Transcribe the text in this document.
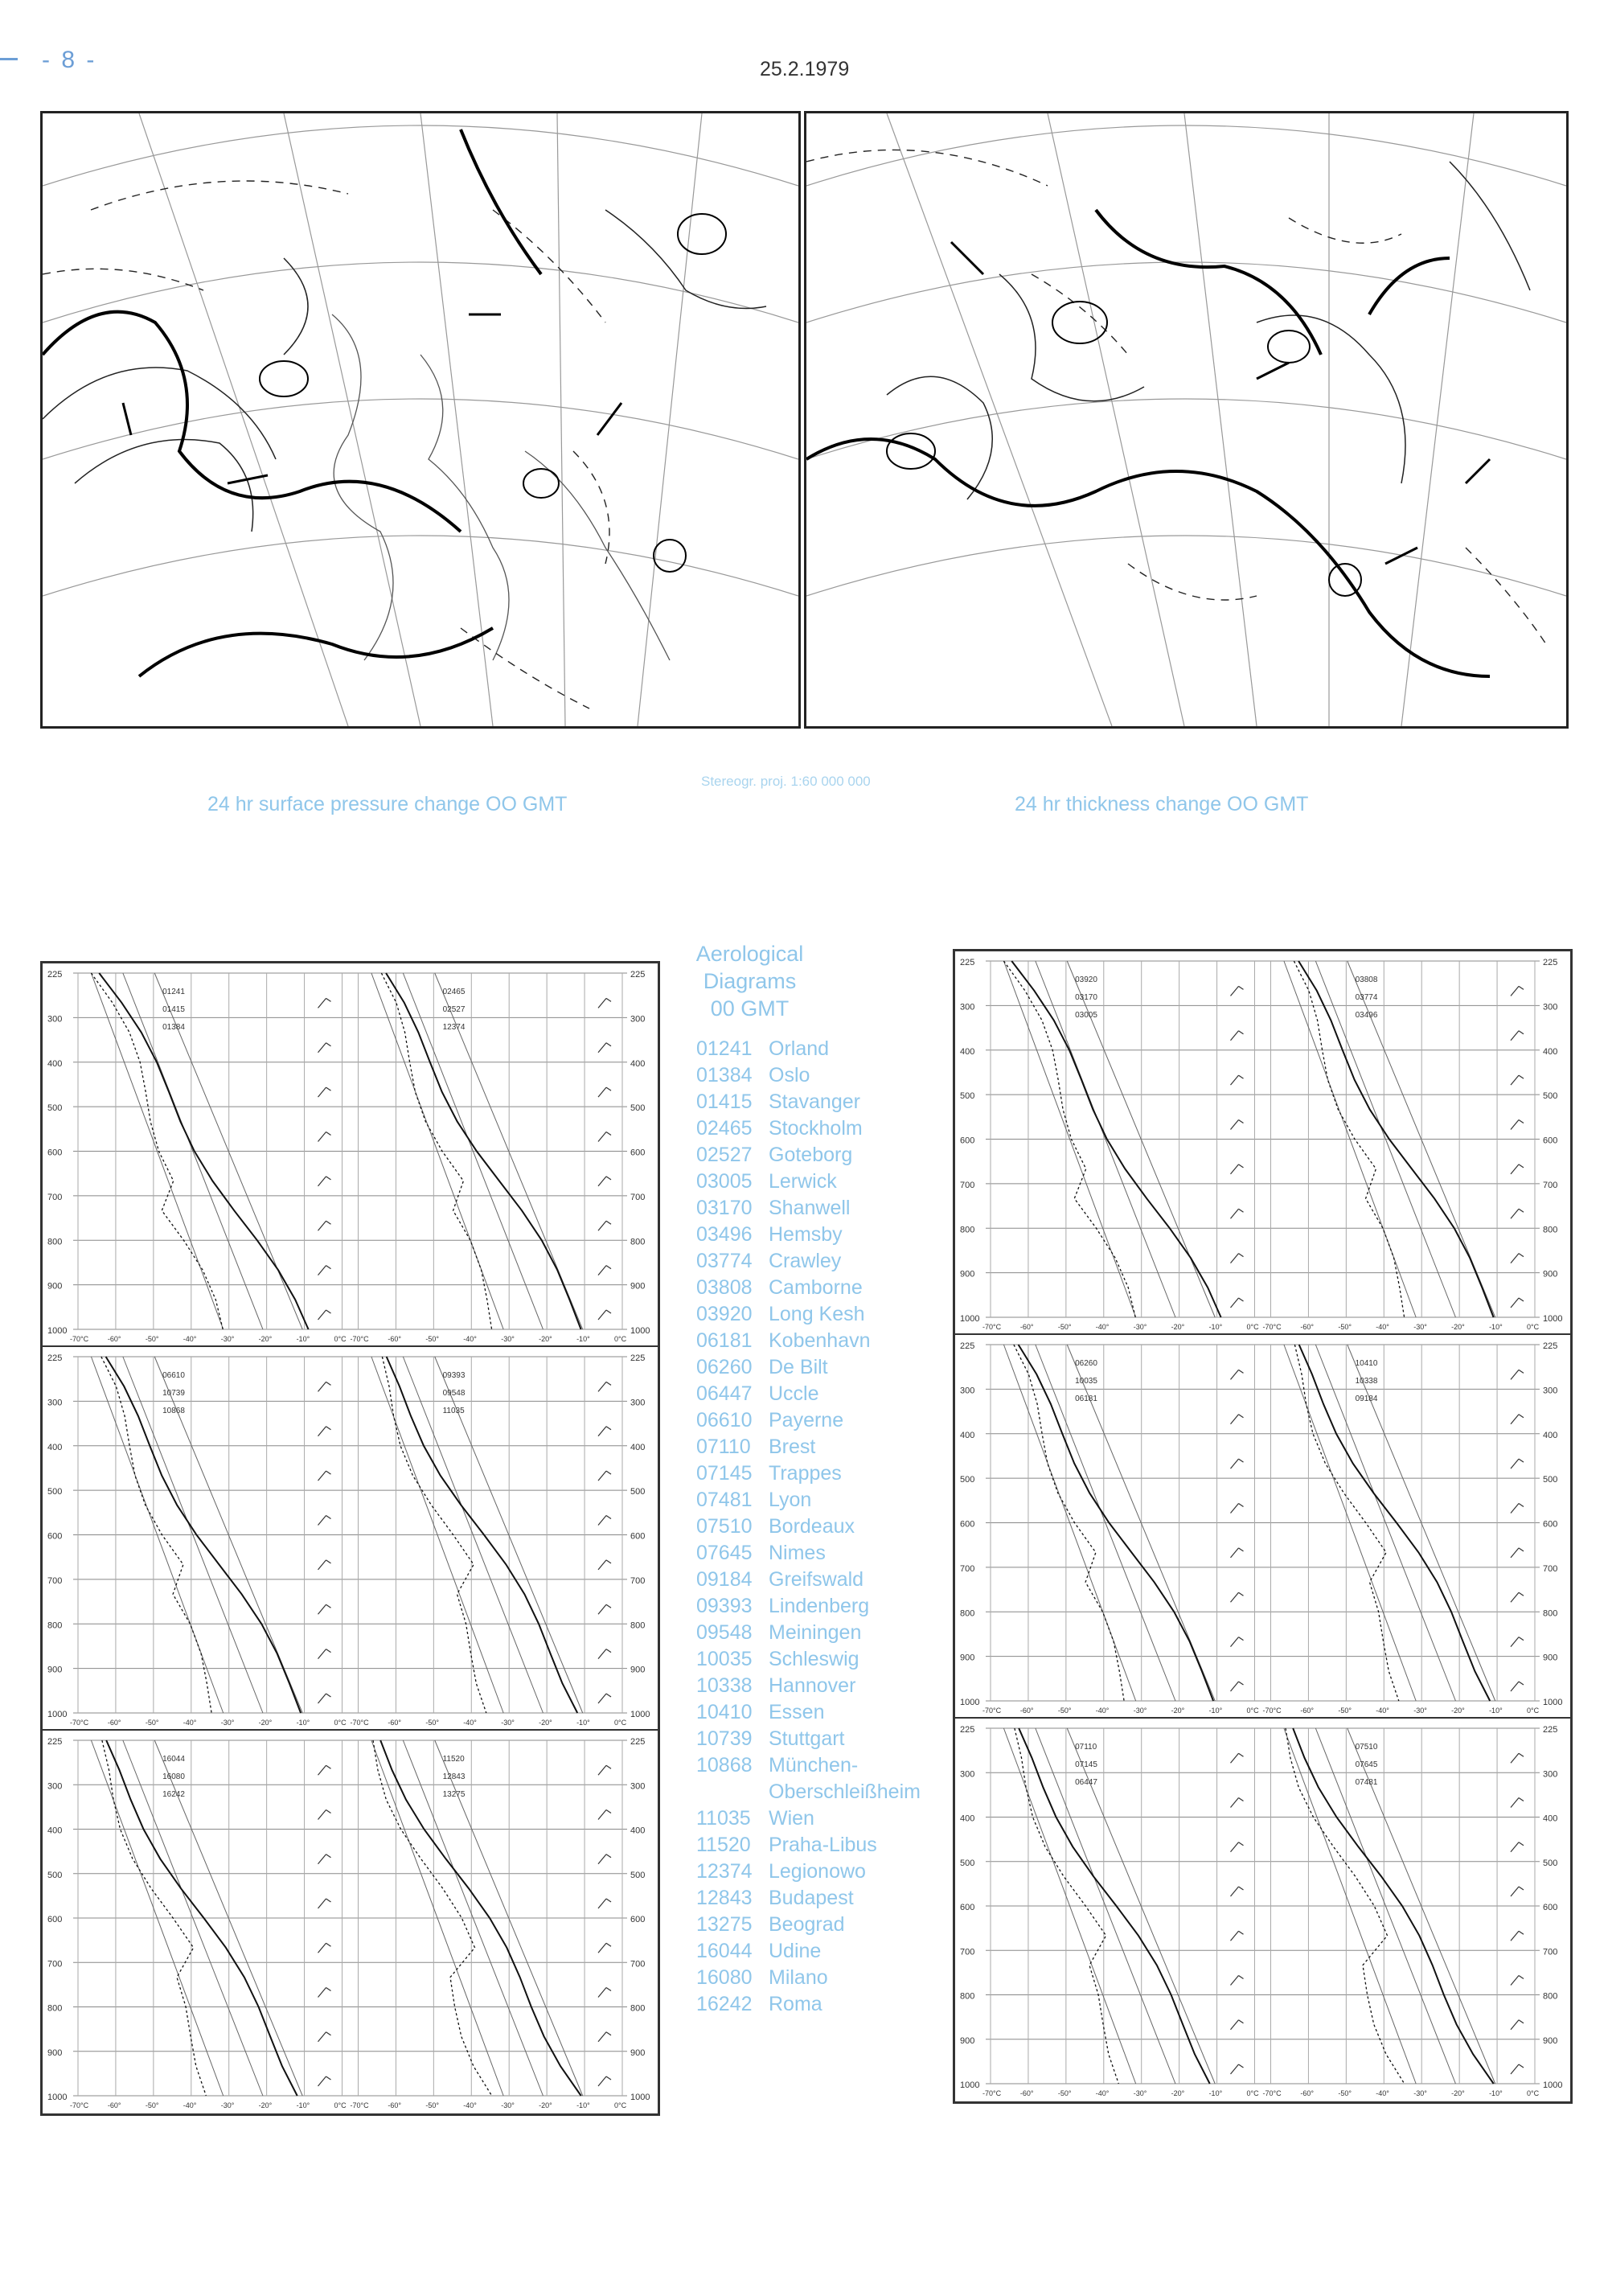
- 8 -	25.2.1979
Stereogr. proj. 1:60 000 000
24 hr surface pressure change OO GMT	24 hr thickness change OO GMT
225	225
300	300
400	400
500	500
600	600
700	700
800	800
900	900
1000	1000
-70°C	-60°	-50°	-40°	-30°	-20°	-10°	0°C
01241
01415
01384
-70°C	-60°	-50°	-40°	-30°	-20°	-10°	0°C
02465
02527
12374
225	225
300	300
400	400
500	500
600	600
700	700
800	800
900	900
1000	1000
-70°C	-60°	-50°	-40°	-30°	-20°	-10°	0°C
06610
10739
10868
-70°C	-60°	-50°	-40°	-30°	-20°	-10°	0°C
09393
09548
11035
225	225
300	300
400	400
500	500
600	600
700	700
800	800
900	900
1000	1000
-70°C	-60°	-50°	-40°	-30°	-20°	-10°	0°C
16044
16080
16242
-70°C	-60°	-50°	-40°	-30°	-20°	-10°	0°C
11520
12843
13275
Aerological
Diagrams
00 GMT
01241 Orland
01384 Oslo
01415 Stavanger
02465 Stockholm
02527 Goteborg
03005 Lerwick
03170 Shanwell
03496 Hemsby
03774 Crawley
03808 Camborne
03920 Long Kesh
06181 Kobenhavn
06260 De Bilt
06447 Uccle
06610 Payerne
07110 Brest
07145 Trappes
07481 Lyon
07510 Bordeaux
07645 Nimes
09184 Greifswald
09393 Lindenberg
09548 Meiningen
10035 Schleswig
10338 Hannover
10410 Essen
10739 Stuttgart
10868 München-
Oberschleißheim
11035 Wien
11520 Praha-Libus
12374 Legionowo
12843 Budapest
13275 Beograd
16044 Udine
16080 Milano
16242 Roma
225	225
300	300
400	400
500	500
600	600
700	700
800	800
900	900
1000	1000
-70°C	-60°	-50°	-40°	-30°	-20°	-10°	0°C
03920
03170
03005
-70°C	-60°	-50°	-40°	-30°	-20°	-10°	0°C
03808
03774
03496
225	225
300	300
400	400
500	500
600	600
700	700
800	800
900	900
1000	1000
-70°C	-60°	-50°	-40°	-30°	-20°	-10°	0°C
06260
10035
06181
-70°C	-60°	-50°	-40°	-30°	-20°	-10°	0°C
10410
10338
09184
225	225
300	300
400	400
500	500
600	600
700	700
800	800
900	900
1000	1000
-70°C	-60°	-50°	-40°	-30°	-20°	-10°	0°C
07110
07145
06447
-70°C	-60°	-50°	-40°	-30°	-20°	-10°	0°C
07510
07645
07481
